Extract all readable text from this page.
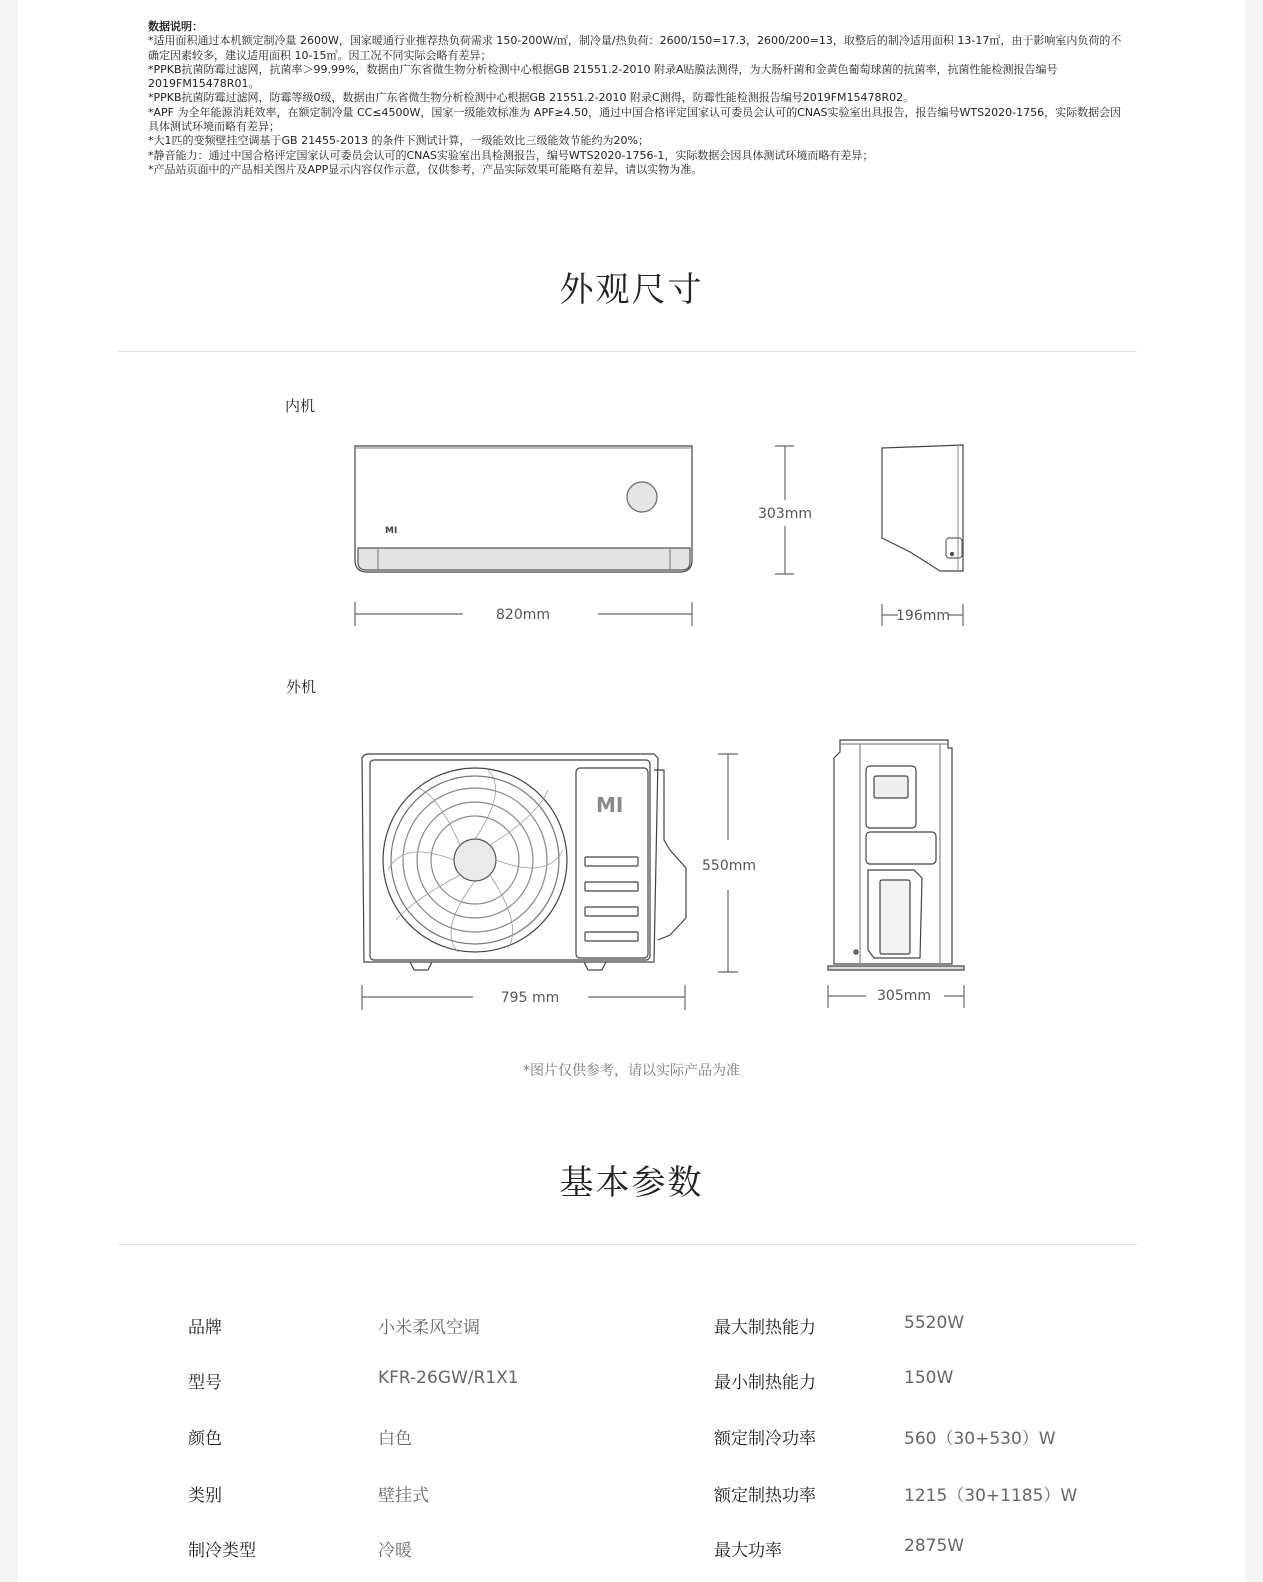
数据说明：

*适用面积通过本机额定制冷量 2600W，国家暖通行业推荐热负荷需求 150-200W/㎡，制冷量/热负荷：2600/150=17.3，2600/200=13，取整后的制冷适用面积 13-17㎡，由于影响室内负荷的不确定因素较多，建议适用面积 10-15㎡。因工况不同实际会略有差异；

*PPKB抗菌防霉过滤网，抗菌率＞99.99%，数据由广东省微生物分析检测中心根据GB 21551.2-2010 附录A贴膜法测得，为大肠杆菌和金黄色葡萄球菌的抗菌率，抗菌性能检测报告编号2019FM15478R01。

*PPKB抗菌防霉过滤网，防霉等级0级，数据由广东省微生物分析检测中心根据GB 21551.2-2010 附录C测得，防霉性能检测报告编号2019FM15478R02。

*APF 为全年能源消耗效率，在额定制冷量 CC≤4500W，国家一级能效标准为 APF≥4.50，通过中国合格评定国家认可委员会认可的CNAS实验室出具报告，报告编号WTS2020-1756，实际数据会因具体测试环境而略有差异；

*大1匹的变频壁挂空调基于GB 21455-2013 的条件下测试计算，一级能效比三级能效节能约为20%；

*静音能力：通过中国合格评定国家认可委员会认可的CNAS实验室出具检测报告，编号WTS2020-1756-1，实际数据会因具体测试环境而略有差异；

*产品站页面中的产品相关图片及APP显示内容仅作示意，仅供参考，产品实际效果可能略有差异，请以实物为准。

外观尺寸
内机
MI
303mm
820mm	196mm
外机
MI
550mm
795 mm	305mm
*图片仅供参考，请以实际产品为准
基本参数
品牌	小米柔风空调	最大制热能力	5520W
型号	KFR-26GW/R1X1	最小制热能力	150W
颜色	白色	额定制冷功率	560（30+530）W
类别	壁挂式	额定制热功率	1215（30+1185）W
制冷类型	冷暖	最大功率	2875W
